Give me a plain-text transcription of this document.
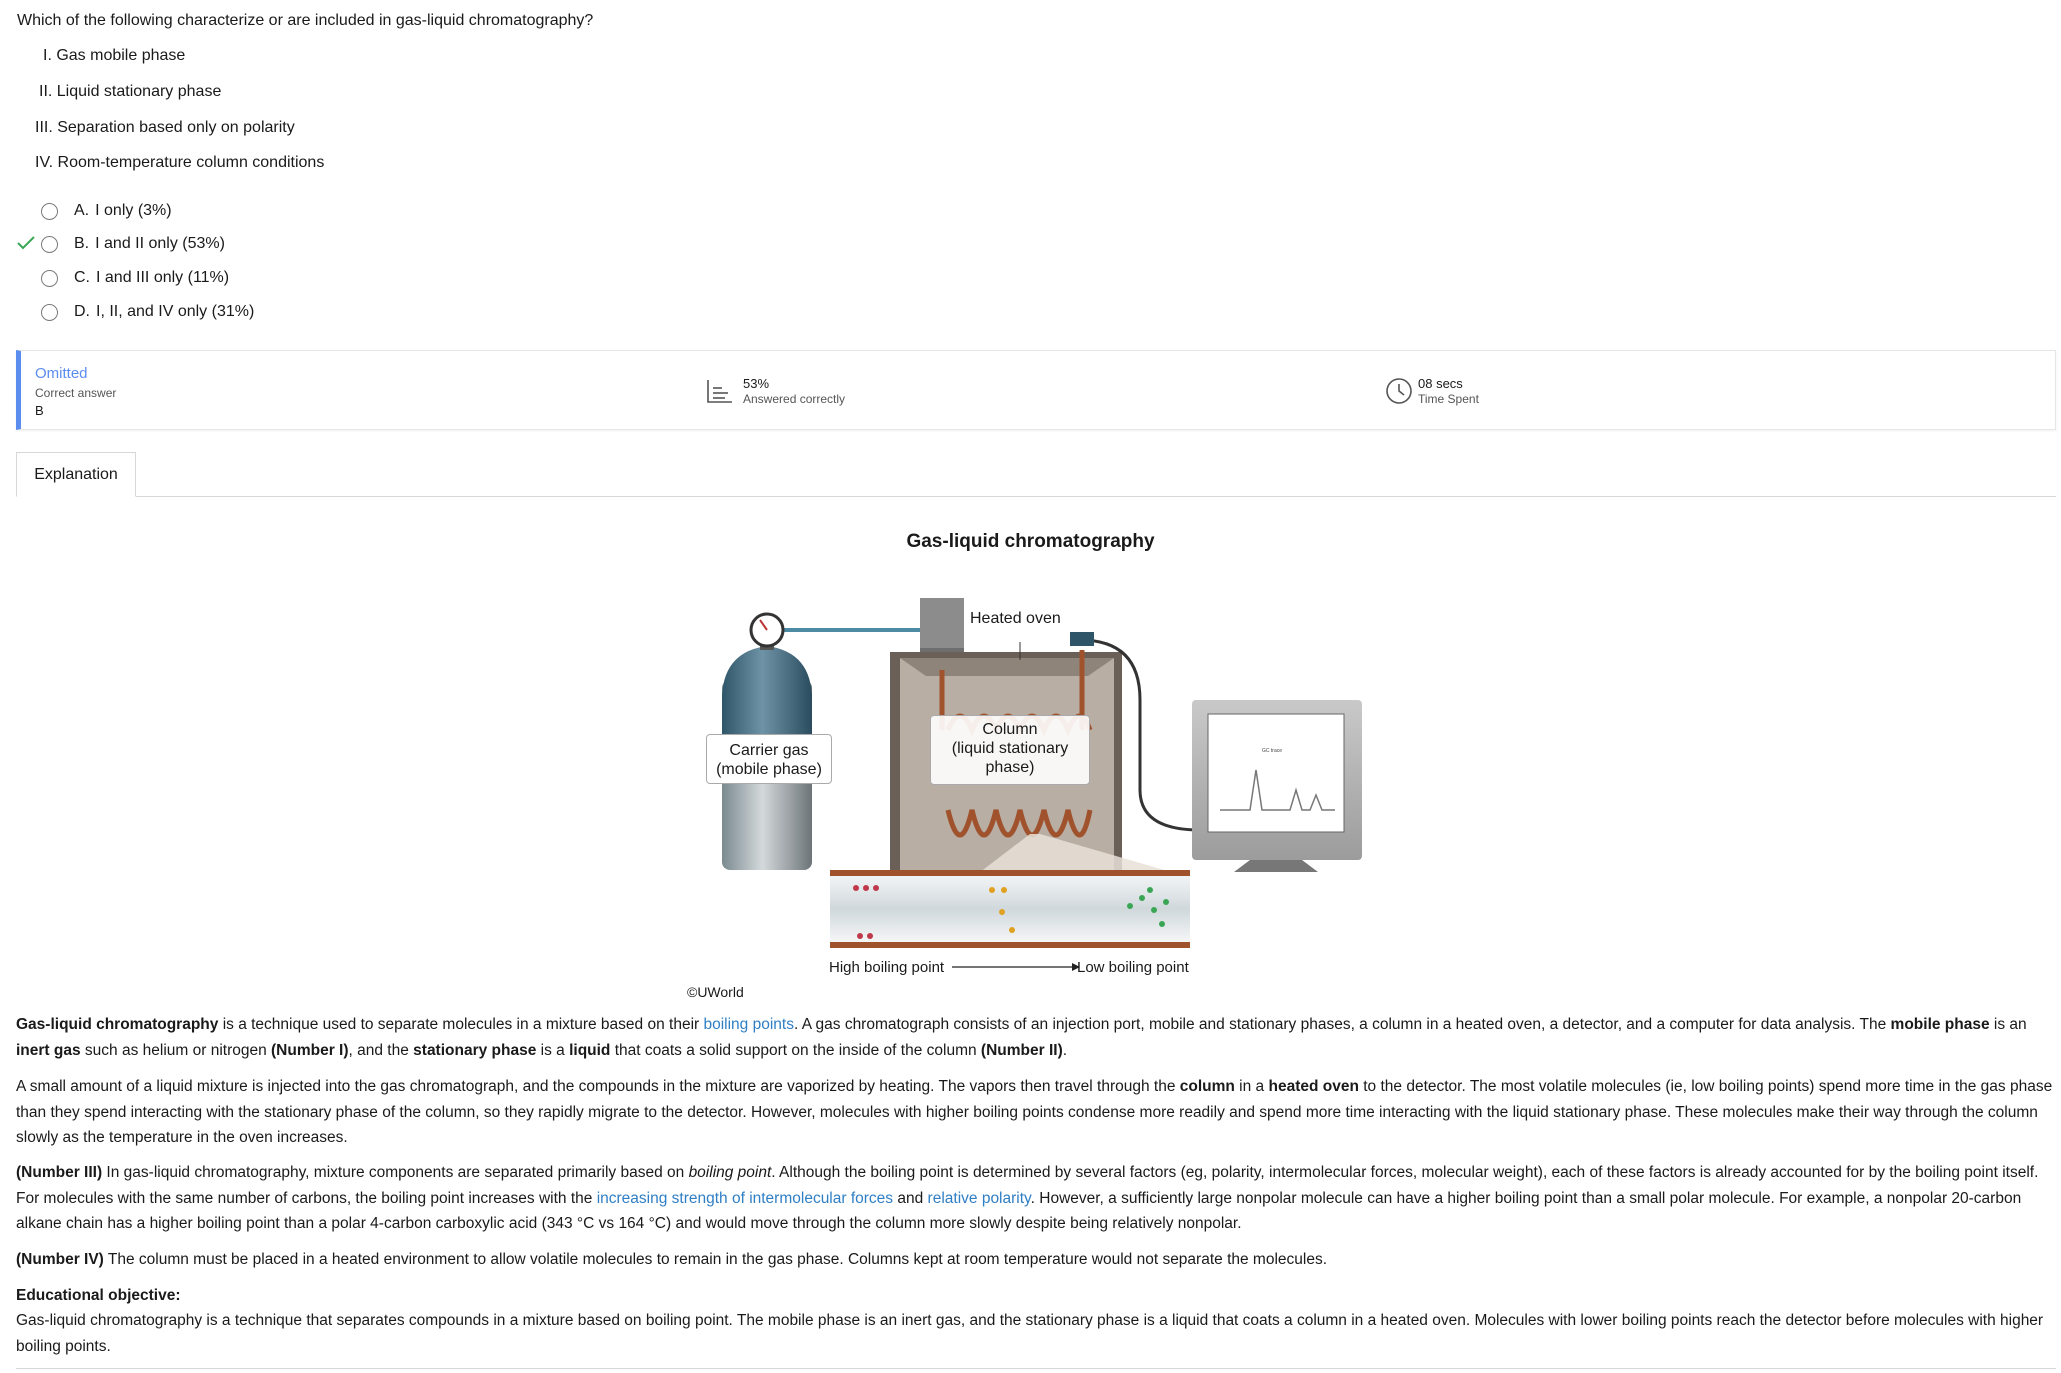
Which of the following characterize or are included in gas-liquid chromatography?
I. Gas mobile phase
II. Liquid stationary phase
III. Separation based only on polarity
IV. Room-temperature column conditions
A. I only (3%)
B. I and II only (53%)
C. I and III only (11%)
D. I, II, and IV only (31%)
Omitted
Correct answer
B
53%
Answered correctly
08 secs
Time Spent
Explanation
Gas-liquid chromatography
Heated oven
Carrier gas
(mobile phase)
Column
(liquid stationary
phase)
GC trace
High boiling point	Low boiling point
©UWorld
Gas-liquid chromatography is a technique used to separate molecules in a mixture based on their boiling points. A gas chromatograph consists of an injection port, mobile and stationary phases, a column in a heated oven, a detector, and a computer for data analysis. The mobile phase is an inert gas such as helium or nitrogen (Number I), and the stationary phase is a liquid that coats a solid support on the inside of the column (Number II).
A small amount of a liquid mixture is injected into the gas chromatograph, and the compounds in the mixture are vaporized by heating. The vapors then travel through the column in a heated oven to the detector. The most volatile molecules (ie, low boiling points) spend more time in the gas phase than they spend interacting with the stationary phase of the column, so they rapidly migrate to the detector. However, molecules with higher boiling points condense more readily and spend more time interacting with the liquid stationary phase. These molecules make their way through the column slowly as the temperature in the oven increases.
(Number III) In gas-liquid chromatography, mixture components are separated primarily based on boiling point. Although the boiling point is determined by several factors (eg, polarity, intermolecular forces, molecular weight), each of these factors is already accounted for by the boiling point itself. For molecules with the same number of carbons, the boiling point increases with the increasing strength of intermolecular forces and relative polarity. However, a sufficiently large nonpolar molecule can have a higher boiling point than a small polar molecule. For example, a nonpolar 20-carbon alkane chain has a higher boiling point than a polar 4-carbon carboxylic acid (343 °C vs 164 °C) and would move through the column more slowly despite being relatively nonpolar.
(Number IV) The column must be placed in a heated environment to allow volatile molecules to remain in the gas phase. Columns kept at room temperature would not separate the molecules.
Educational objective:
Gas-liquid chromatography is a technique that separates compounds in a mixture based on boiling point. The mobile phase is an inert gas, and the stationary phase is a liquid that coats a column in a heated oven. Molecules with lower boiling points reach the detector before molecules with higher boiling points.
